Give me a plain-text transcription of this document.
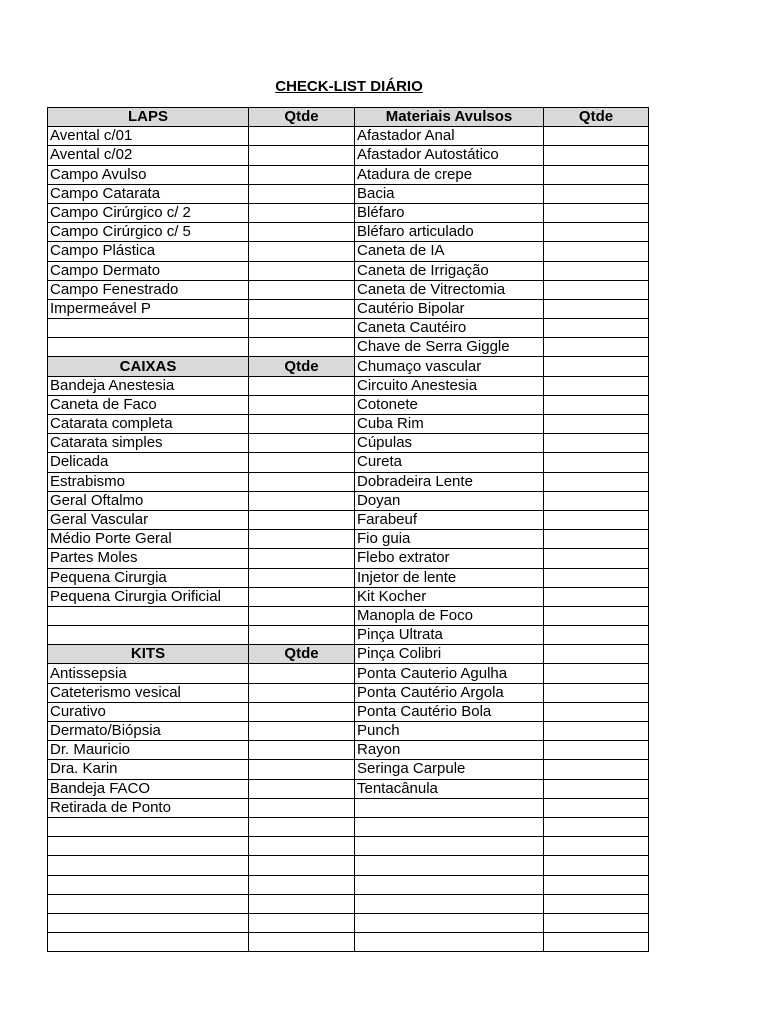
CHECK-LIST DIÁRIO
LAPS	Qtde	Materiais Avulsos	Qtde
Avental c/01		Afastador Anal	
Avental c/02		Afastador Autostático	
Campo Avulso		Atadura de crepe	
Campo Catarata		Bacia	
Campo Cirúrgico c/ 2		Bléfaro	
Campo Cirúrgico c/ 5		Bléfaro articulado	
Campo Plástica		Caneta de IA	
Campo Dermato		Caneta de Irrigação	
Campo Fenestrado		Caneta de Vitrectomia	
Impermeável P		Cautério Bipolar	
		Caneta Cautéiro	
		Chave de Serra Giggle	
CAIXAS	Qtde	Chumaço vascular	
Bandeja Anestesia		Circuito Anestesia	
Caneta de Faco		Cotonete	
Catarata completa		Cuba Rim	
Catarata simples		Cúpulas	
Delicada		Cureta	
Estrabismo		Dobradeira Lente	
Geral Oftalmo		Doyan	
Geral Vascular		Farabeuf	
Médio Porte Geral		Fio guia	
Partes Moles		Flebo extrator	
Pequena Cirurgia		Injetor de lente	
Pequena Cirurgia Orificial		Kit Kocher	
		Manopla de Foco	
		Pinça Ultrata	
KITS	Qtde	Pinça Colibri	
Antissepsia		Ponta Cauterio Agulha	
Cateterismo vesical		Ponta Cautério Argola	
Curativo		Ponta Cautério Bola	
Dermato/Biópsia		Punch	
Dr. Mauricio		Rayon	
Dra. Karin		Seringa Carpule	
Bandeja FACO		Tentacânula	
Retirada de Ponto			
